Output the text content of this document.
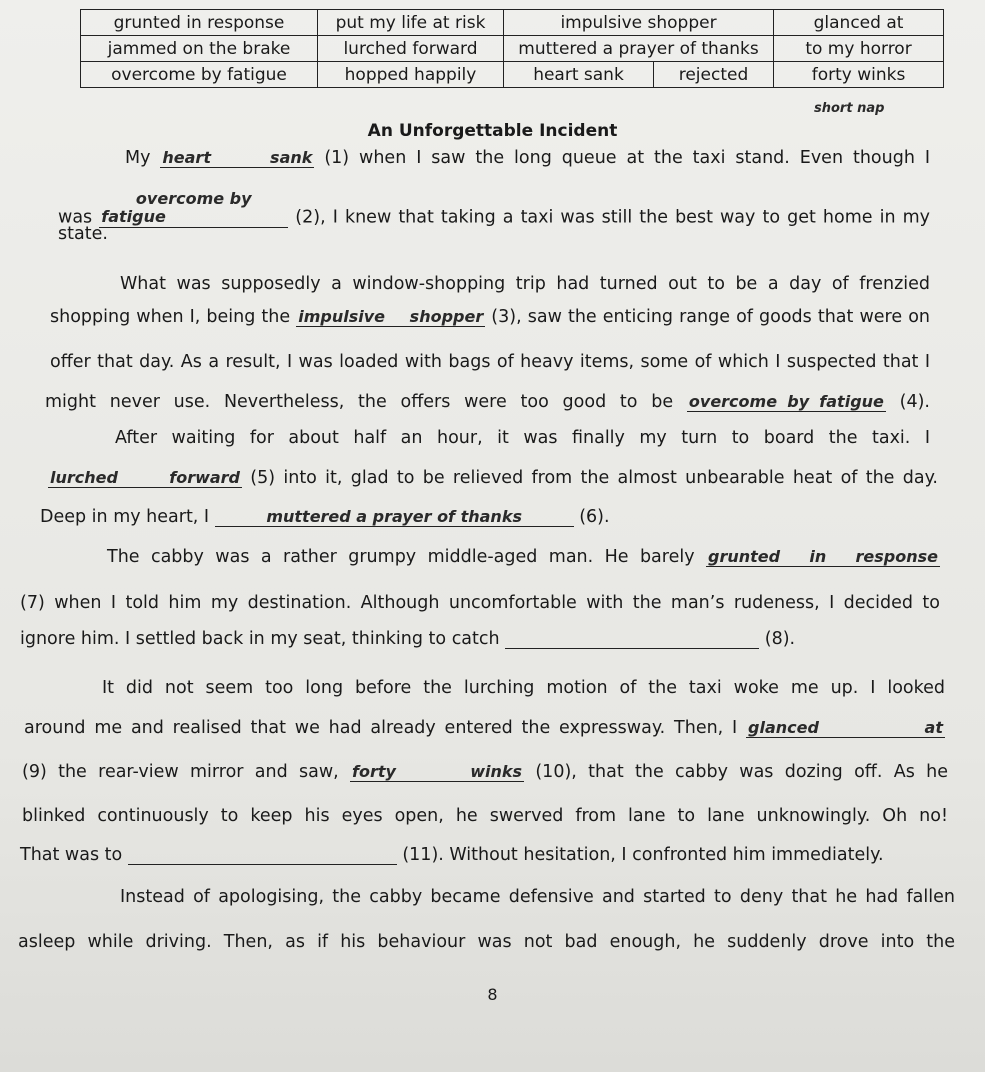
grunted in response	put my life at risk	impulsive shopper		glanced at
jammed on the brake	lurched forward	muttered a prayer of thanks		to my horror
overcome by fatigue	hopped happily	heart sank	rejected	forty winks
short nap
An Unforgettable Incident
My heart sank (1) when I saw the long queue at the taxi stand. Even though I
was overcome by fatigue	(2), I knew that taking a taxi was still the best way to get home in my
state.
What was supposedly a window-shopping trip had turned out to be a day of frenzied
shopping when I, being the impulsive shopper (3), saw the enticing range of goods that were on
offer that day. As a result, I was loaded with bags of heavy items, some of which I suspected that I
might never use. Nevertheless, the offers were too good to be overcome by fatigue (4).
After waiting for about half an hour, it was finally my turn to board the taxi. I
lurched forward (5) into it, glad to be relieved from the almost unbearable heat of the day.
Deep in my heart, I	muttered a prayer of thanks	(6).
The cabby was a rather grumpy middle-aged man. He barely grunted in response
(7) when I told him my destination. Although uncomfortable with the man’s rudeness, I decided to
ignore him. I settled back in my seat, thinking to catch	(8).
It did not seem too long before the lurching motion of the taxi woke me up. I looked
around me and realised that we had already entered the expressway. Then, I glanced at
(9) the rear-view mirror and saw, forty winks (10), that the cabby was dozing off. As he
blinked continuously to keep his eyes open, he swerved from lane to lane unknowingly. Oh no!
That was to	(11). Without hesitation, I confronted him immediately.
Instead of apologising, the cabby became defensive and started to deny that he had fallen
asleep while driving. Then, as if his behaviour was not bad enough, he suddenly drove into the
8
